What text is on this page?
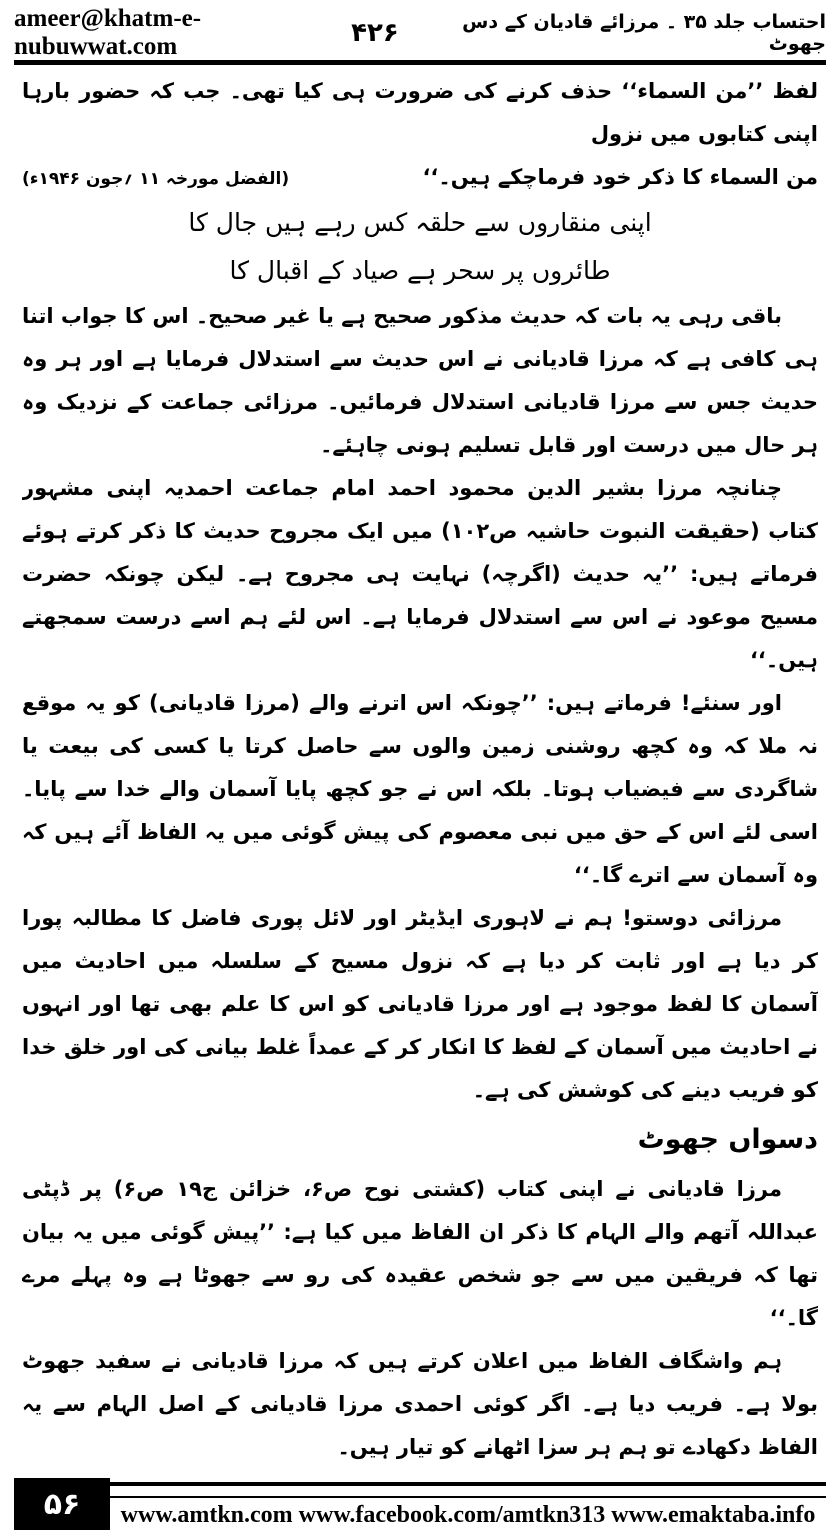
ameer@khatm-e-nubuwwat.com
احتساب جلد ۳۵ ۔ مرزائے قادیان کے دس جھوٹ
۴۲۶

لفظ ’’من السماء‘‘ حذف کرنے کی ضرورت ہی کیا تھی۔ جب کہ حضور بارہا اپنی کتابوں میں نزول

من السماء کا ذکر خود فرماچکے ہیں۔‘‘

(الفضل مورخہ ۱۱ ؍جون ۱۹۴۶ء)

اپنی منقاروں سے حلقہ کس رہے ہیں جال کا

طائروں پر سحر ہے صیاد کے اقبال کا

باقی رہی یہ بات کہ حدیث مذکور صحیح ہے یا غیر صحیح۔ اس کا جواب اتنا ہی کافی ہے کہ مرزا قادیانی نے اس حدیث سے استدلال فرمایا ہے اور ہر وہ حدیث جس سے مرزا قادیانی استدلال فرمائیں۔ مرزائی جماعت کے نزدیک وہ ہر حال میں درست اور قابل تسلیم ہونی چاہئے۔

چنانچہ مرزا بشیر الدین محمود احمد امام جماعت احمدیہ اپنی مشہور کتاب (حقیقت النبوت حاشیہ ص۱۰۲) میں ایک مجروح حدیث کا ذکر کرتے ہوئے فرماتے ہیں: ’’یہ حدیث (اگرچہ) نہایت ہی مجروح ہے۔ لیکن چونکہ حضرت مسیح موعود نے اس سے استدلال فرمایا ہے۔ اس لئے ہم اسے درست سمجھتے ہیں۔‘‘

اور سنئے! فرماتے ہیں: ’’چونکہ اس اترنے والے (مرزا قادیانی) کو یہ موقع نہ ملا کہ وہ کچھ روشنی زمین والوں سے حاصل کرتا یا کسی کی بیعت یا شاگردی سے فیضیاب ہوتا۔ بلکہ اس نے جو کچھ پایا آسمان والے خدا سے پایا۔ اسی لئے اس کے حق میں نبی معصوم کی پیش گوئی میں یہ الفاظ آئے ہیں کہ وہ آسمان سے اترے گا۔‘‘

مرزائی دوستو! ہم نے لاہوری ایڈیٹر اور لائل پوری فاضل کا مطالبہ پورا کر دیا ہے اور ثابت کر دیا ہے کہ نزول مسیح کے سلسلہ میں احادیث میں آسمان کا لفظ موجود ہے اور مرزا قادیانی کو اس کا علم بھی تھا اور انہوں نے احادیث میں آسمان کے لفظ کا انکار کر کے عمداً غلط بیانی کی اور خلق خدا کو فریب دینے کی کوشش کی ہے۔

دسواں جھوٹ

مرزا قادیانی نے اپنی کتاب (کشتی نوح ص۶، خزائن ج۱۹ ص۶) پر ڈپٹی عبداللہ آتھم والے الہام کا ذکر ان الفاظ میں کیا ہے: ’’پیش گوئی میں یہ بیان تھا کہ فریقین میں سے جو شخص عقیدہ کی رو سے جھوٹا ہے وہ پہلے مرے گا۔‘‘

ہم واشگاف الفاظ میں اعلان کرتے ہیں کہ مرزا قادیانی نے سفید جھوٹ بولا ہے۔ فریب دیا ہے۔ اگر کوئی احمدی مرزا قادیانی کے اصل الہام سے یہ الفاظ دکھادے تو ہم ہر سزا اٹھانے کو تیار ہیں۔

۵۶	www.amtkn.com www.facebook.com/amtkn313 www.emaktaba.info
